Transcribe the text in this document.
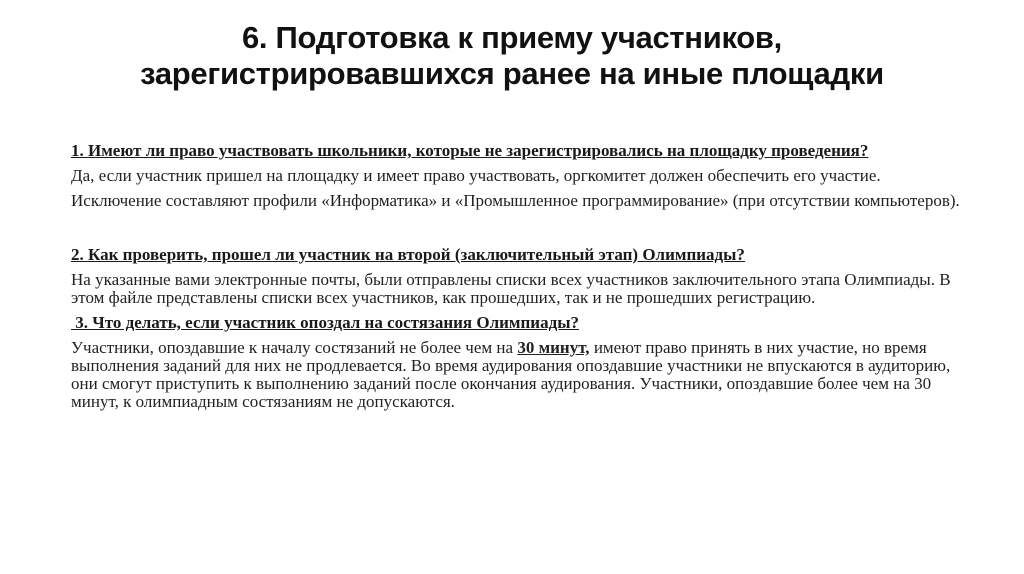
6. Подготовка к приему участников,
зарегистрировавшихся ранее на иные площадки

1. Имеют ли право участвовать школьники, которые не зарегистрировались на площадку проведения?

Да, если участник пришел на площадку и имеет право участвовать, оргкомитет должен обеспечить его участие.

Исключение составляют профили «Информатика» и «Промышленное программирование» (при отсутствии компьютеров).

2. Как проверить, прошел ли участник на второй (заключительный этап) Олимпиады?

На указанные вами электронные почты, были отправлены списки всех участников заключительного этапа Олимпиады. В этом файле представлены списки всех участников, как прошедших, так и не прошедших регистрацию.

3. Что делать, если участник опоздал на состязания Олимпиады?

Участники, опоздавшие к началу состязаний не более чем на 30 минут, имеют право принять в них участие, но время выполнения заданий для них не продлевается. Во время аудирования опоздавшие участники не впускаются в аудиторию, они смогут приступить к выполнению заданий после окончания аудирования. Участники, опоздавшие более чем на 30 минут, к олимпиадным состязаниям не допускаются.
